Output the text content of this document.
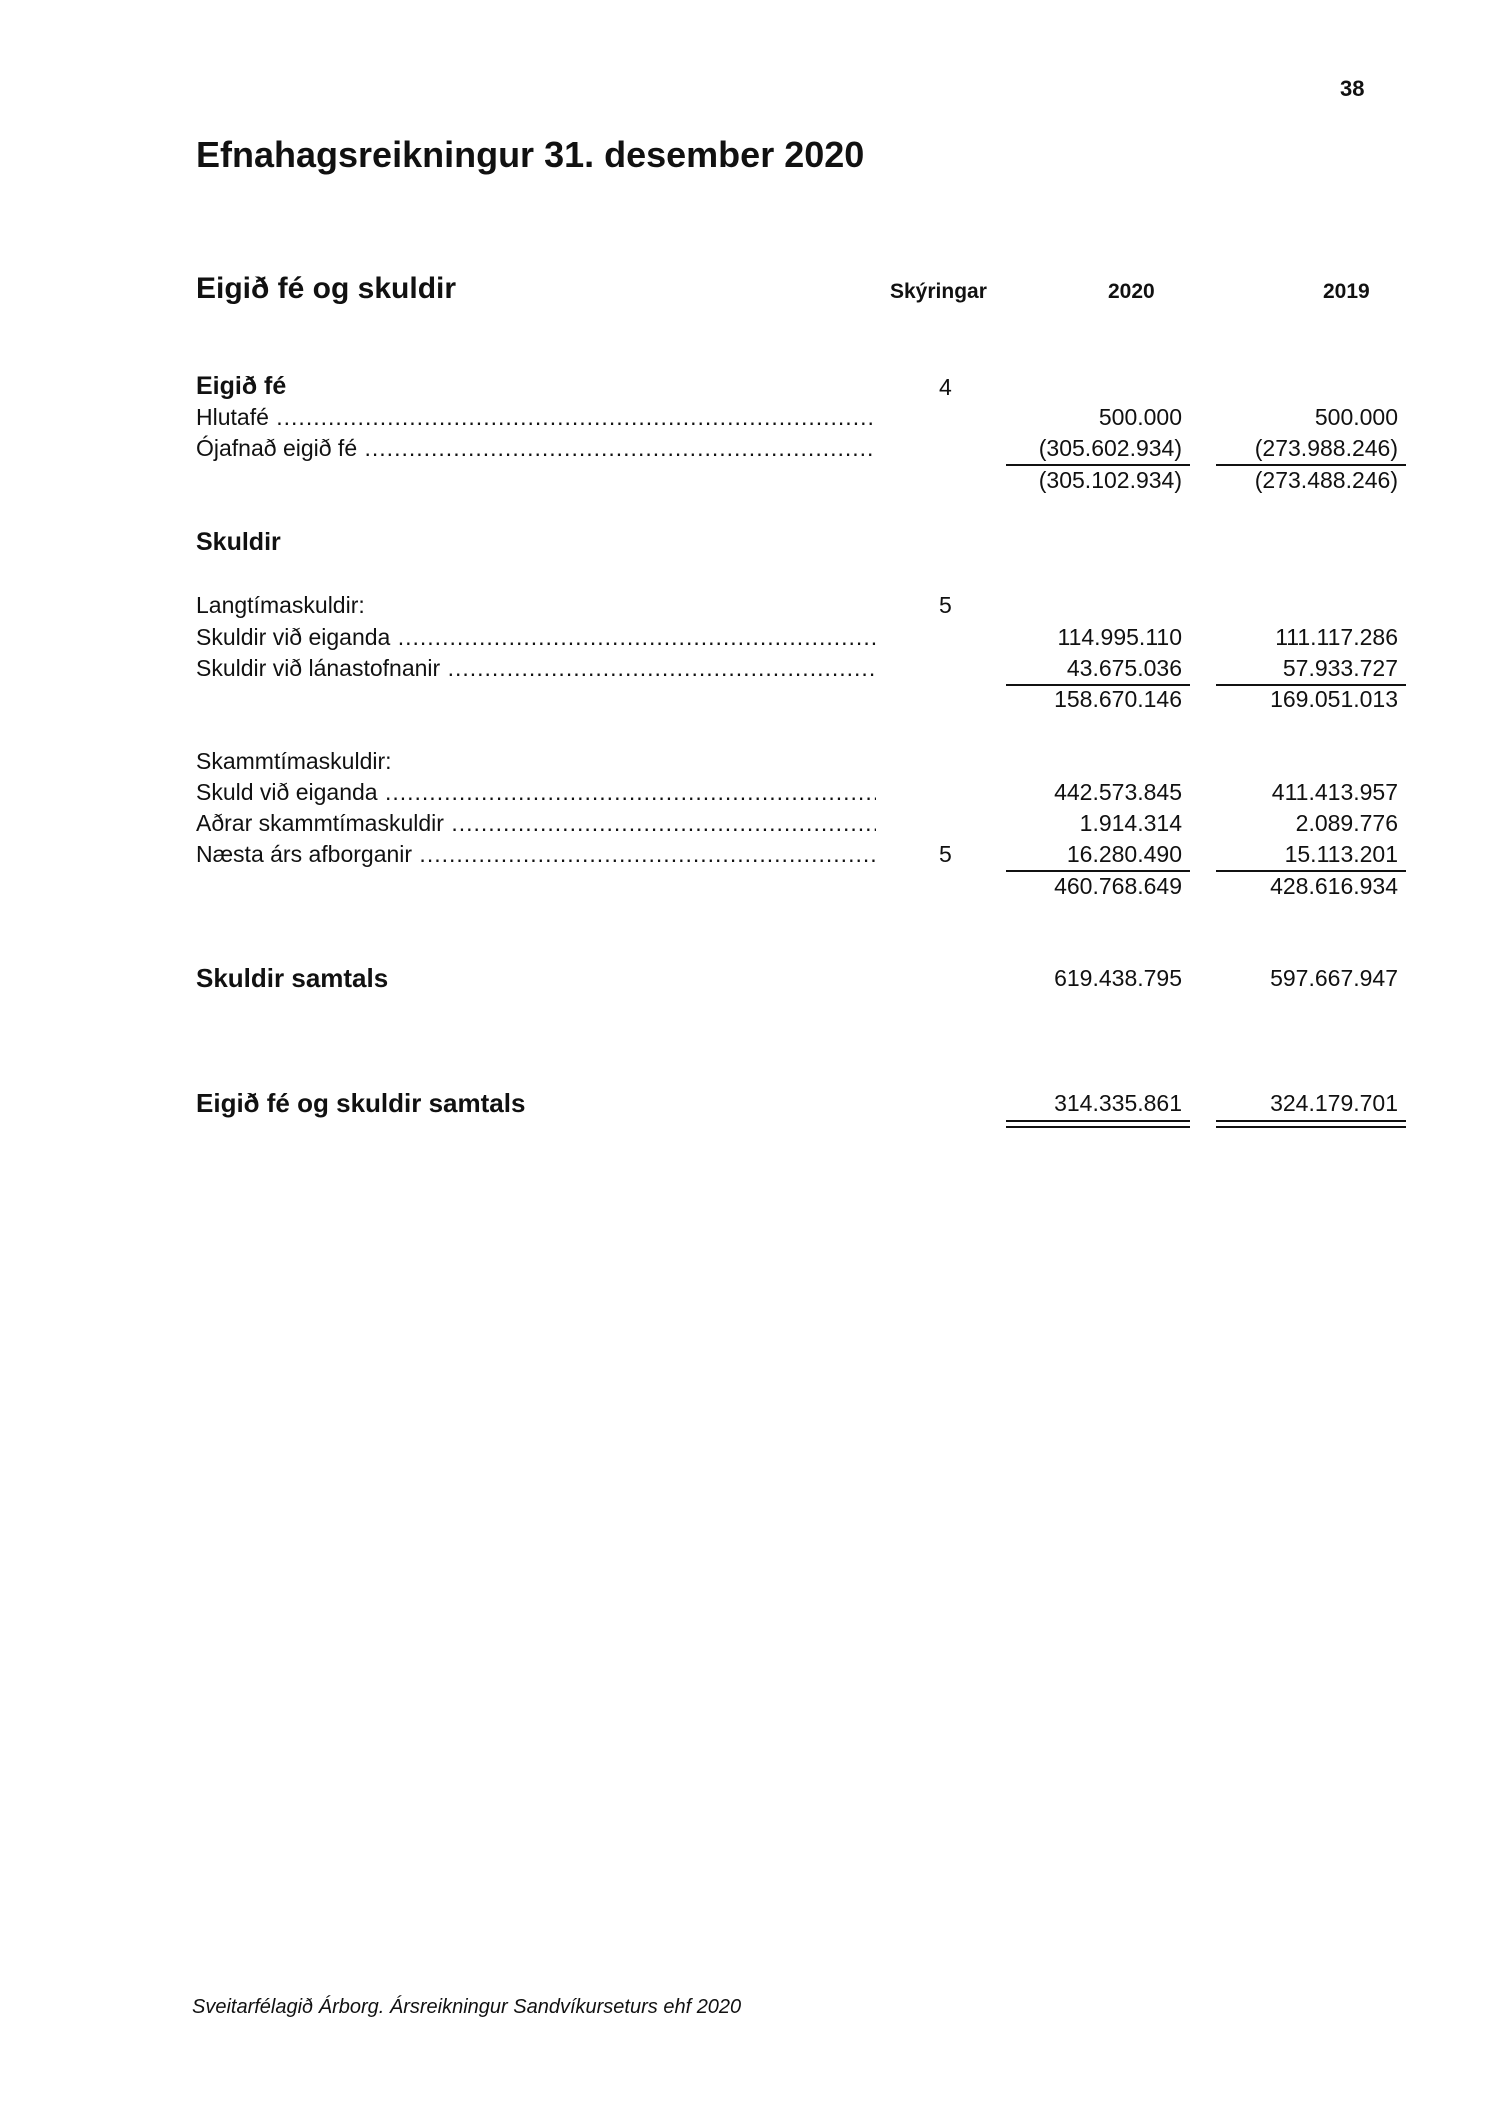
38
Efnahagsreikningur 31. desember 2020
Eigið fé og skuldir	Skýringar	2020	2019
Eigið fé	4
Hlutafé .....	500.000	500.000
Ójafnað eigið fé .....	(305.602.934)	(273.988.246)
(305.102.934)	(273.488.246)
Skuldir
Langtímaskuldir:	5
Skuldir við eiganda .....	114.995.110	111.117.286
Skuldir við lánastofnanir .....	43.675.036	57.933.727
158.670.146	169.051.013
Skammtímaskuldir:
Skuld við eiganda .....	442.573.845	411.413.957
Aðrar skammtímaskuldir .....	1.914.314	2.089.776
Næsta árs afborganir .....	5	16.280.490	15.113.201
460.768.649	428.616.934
Skuldir samtals	619.438.795	597.667.947
Eigið fé og skuldir samtals	314.335.861	324.179.701
Sveitarfélagið Árborg. Ársreikningur Sandvíkurseturs ehf 2020
